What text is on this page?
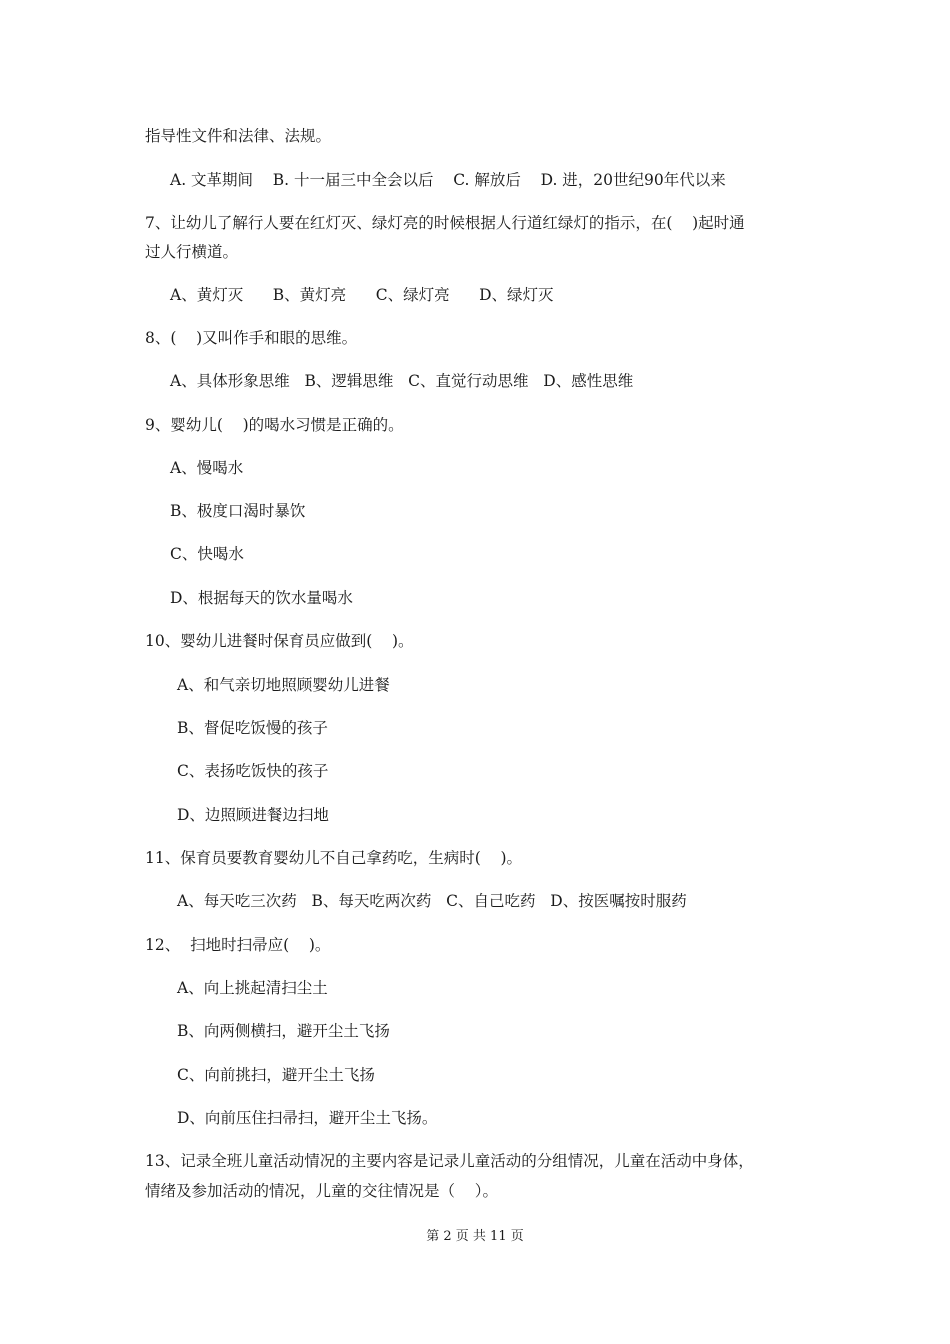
指导性文件和法律、法规。
A. 文革期间    B. 十一届三中全会以后    C. 解放后    D. 进，20世纪90年代以来
7、让幼儿了解行人要在红灯灭、绿灯亮的时候根据人行道红绿灯的指示，在(    )起时通
过人行横道。
A、黄灯灭      B、黄灯亮      C、绿灯亮      D、绿灯灭
8、(    )又叫作手和眼的思维。
A、具体形象思维   B、逻辑思维   C、直觉行动思维   D、感性思维
9、婴幼儿(    )的喝水习惯是正确的。
A、慢喝水
B、极度口渴时暴饮
C、快喝水
D、根据每天的饮水量喝水
10、婴幼儿进餐时保育员应做到(    )。
A、和气亲切地照顾婴幼儿进餐
B、督促吃饭慢的孩子
C、表扬吃饭快的孩子
D、边照顾进餐边扫地
11、保育员要教育婴幼儿不自己拿药吃，生病时(    )。
A、每天吃三次药   B、每天吃两次药   C、自己吃药   D、按医嘱按时服药
12、  扫地时扫帚应(    )。
A、向上挑起清扫尘土
B、向两侧横扫，避开尘土飞扬
C、向前挑扫，避开尘土飞扬
D、向前压住扫帚扫，避开尘土飞扬。
13、记录全班儿童活动情况的主要内容是记录儿童活动的分组情况，儿童在活动中身体，
情绪及参加活动的情况，儿童的交往情况是（    ）。
第 2 页 共 11 页
